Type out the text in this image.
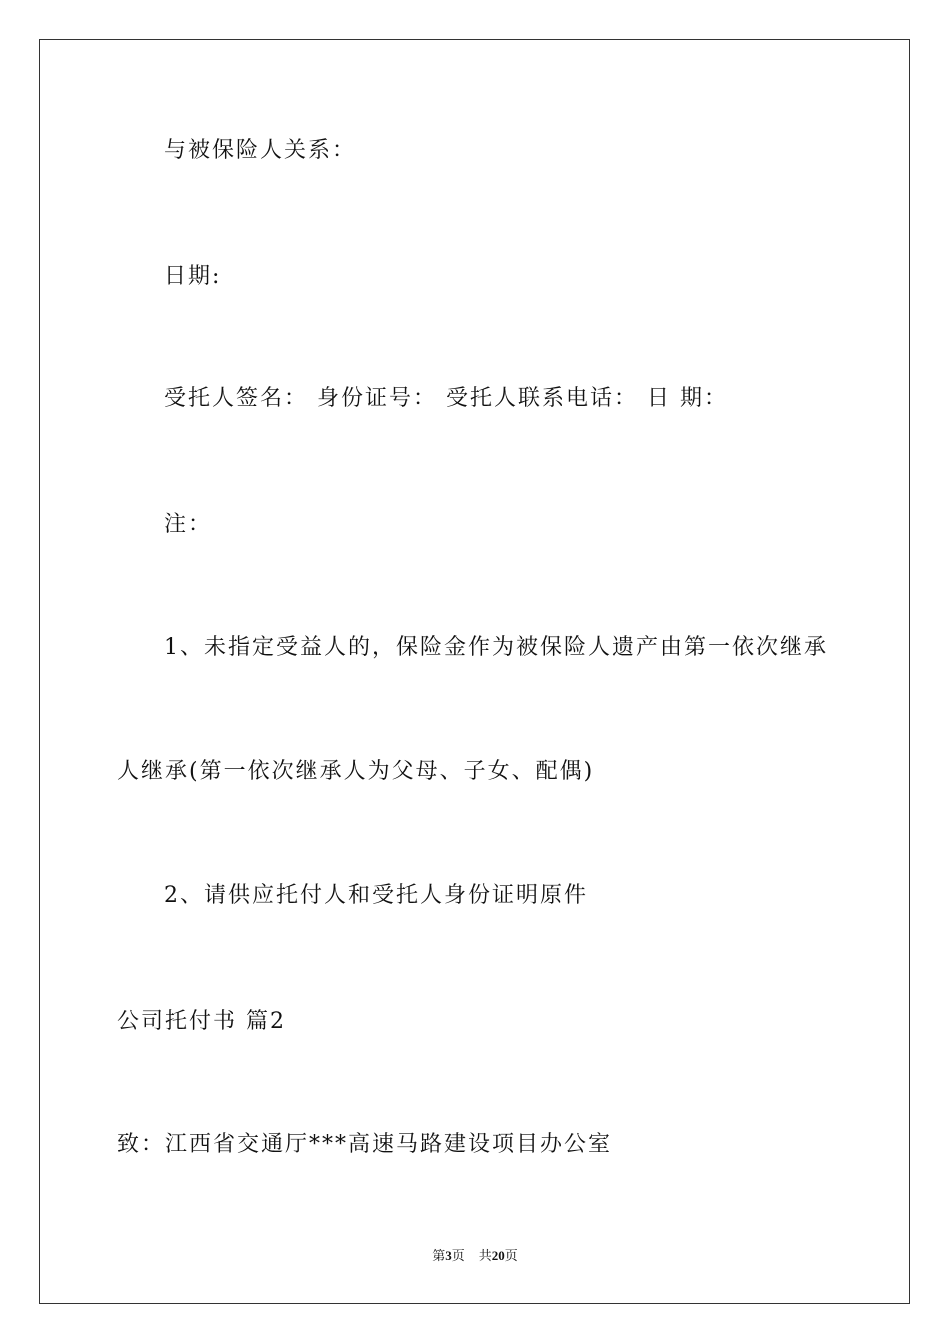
与被保险人关系：
日期:
受托人签名： 身份证号： 受托人联系电话： 日 期：
注：
1、未指定受益人的，保险金作为被保险人遗产由第一依次继承
人继承(第一依次继承人为父母、子女、配偶)
2、请供应托付人和受托人身份证明原件
公司托付书 篇2
致：江西省交通厅***高速马路建设项目办公室
第3页 共20页
